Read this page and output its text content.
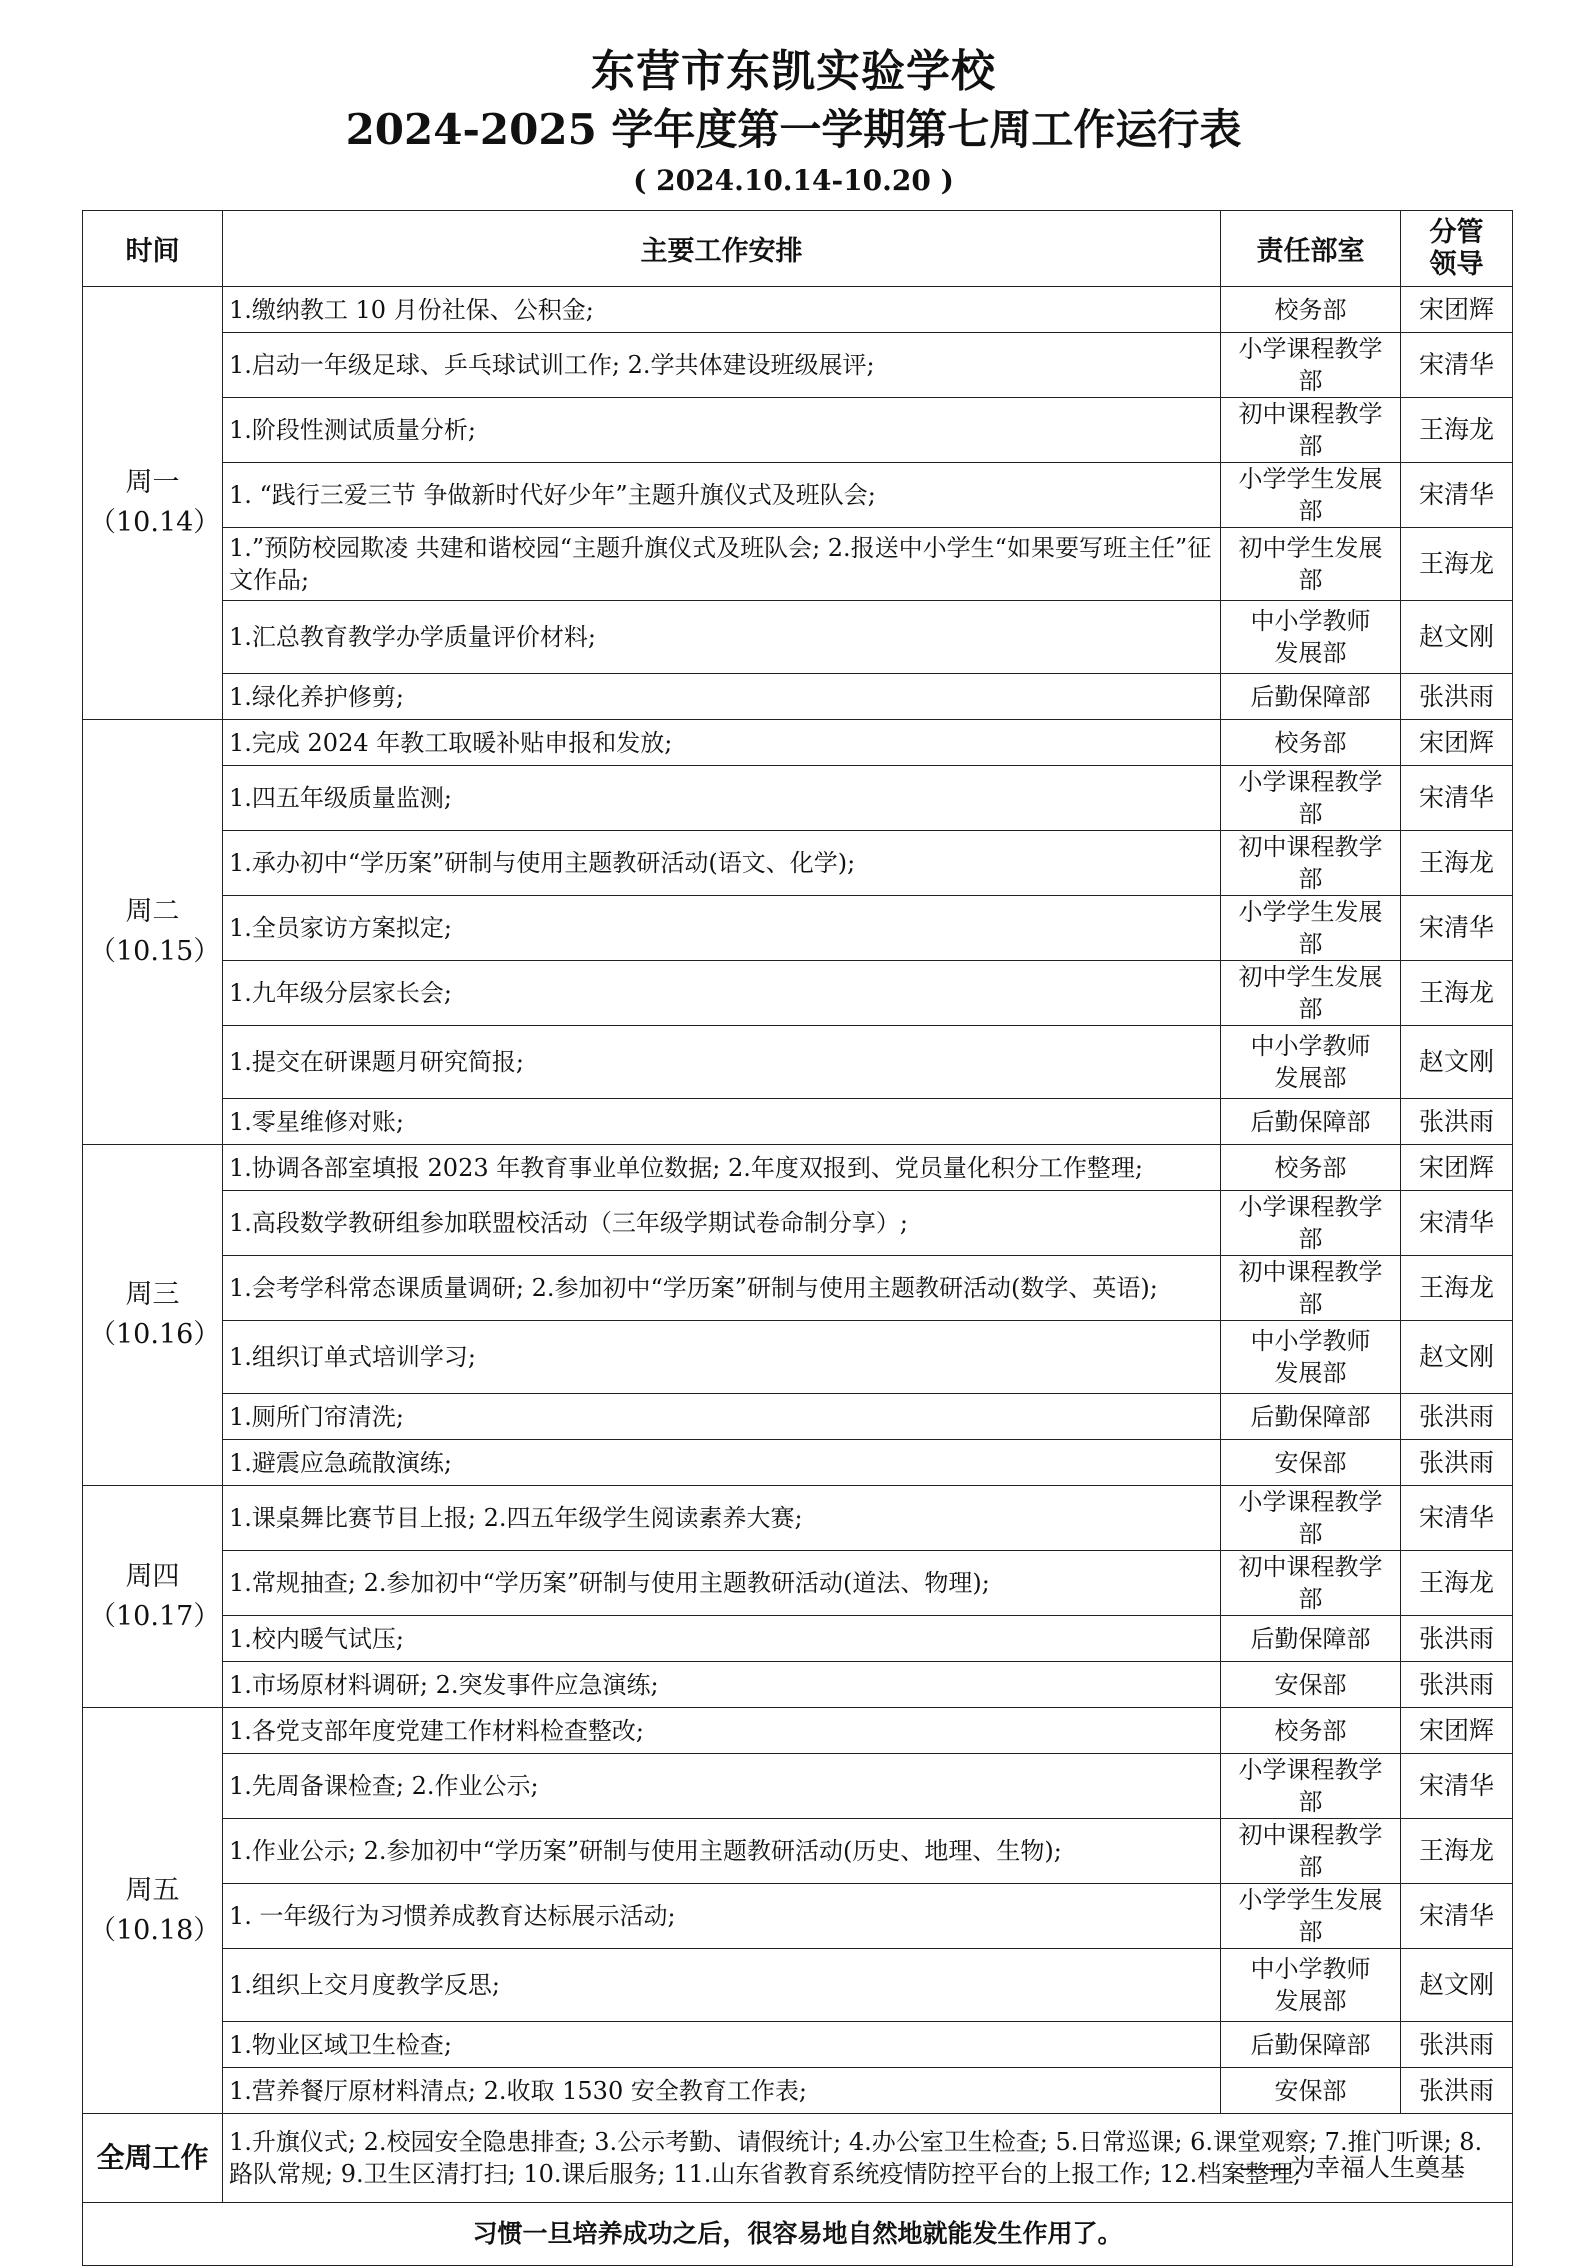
东营市东凯实验学校
2024-2025 学年度第一学期第七周工作运行表
( 2024.10.14-10.20 )
时间	主要工作安排	责任部室	分管
领导

周一
（10.14）	1.缴纳教工 10 月份社保、公积金;	校务部	宋团辉
	1.启动一年级足球、乒乓球试训工作; 2.学共体建设班级展评;	小学课程教学部	宋清华
	1.阶段性测试质量分析;	初中课程教学部	王海龙
	1. “践行三爱三节 争做新时代好少年”主题升旗仪式及班队会;	小学学生发展部	宋清华
	1.”预防校园欺凌 共建和谐校园“主题升旗仪式及班队会; 2.报送中小学生“如果要写班主任”征文作品;	初中学生发展部	王海龙
	1.汇总教育教学办学质量评价材料;	中小学教师
发展部	赵文刚
	1.绿化养护修剪;	后勤保障部	张洪雨

周二
（10.15）	1.完成 2024 年教工取暖补贴申报和发放;	校务部	宋团辉
	1.四五年级质量监测;	小学课程教学部	宋清华
	1.承办初中“学历案”研制与使用主题教研活动(语文、化学);	初中课程教学部	王海龙
	1.全员家访方案拟定;	小学学生发展部	宋清华
	1.九年级分层家长会;	初中学生发展部	王海龙
	1.提交在研课题月研究简报;	中小学教师
发展部	赵文刚
	1.零星维修对账;	后勤保障部	张洪雨

周三
（10.16）	1.协调各部室填报 2023 年教育事业单位数据; 2.年度双报到、党员量化积分工作整理;	校务部	宋团辉
	1.高段数学教研组参加联盟校活动（三年级学期试卷命制分享）;	小学课程教学部	宋清华
	1.会考学科常态课质量调研; 2.参加初中“学历案”研制与使用主题教研活动(数学、英语);	初中课程教学部	王海龙
	1.组织订单式培训学习;	中小学教师
发展部	赵文刚
	1.厕所门帘清洗;	后勤保障部	张洪雨
	1.避震应急疏散演练;	安保部	张洪雨

周四
（10.17）	1.课桌舞比赛节目上报; 2.四五年级学生阅读素养大赛;	小学课程教学部	宋清华
	1.常规抽查; 2.参加初中“学历案”研制与使用主题教研活动(道法、物理);	初中课程教学部	王海龙
	1.校内暖气试压;	后勤保障部	张洪雨
	1.市场原材料调研; 2.突发事件应急演练;	安保部	张洪雨

周五
（10.18）	1.各党支部年度党建工作材料检查整改;	校务部	宋团辉
	1.先周备课检查; 2.作业公示;	小学课程教学部	宋清华
	1.作业公示; 2.参加初中“学历案”研制与使用主题教研活动(历史、地理、生物);	初中课程教学部	王海龙
	1. 一年级行为习惯养成教育达标展示活动;	小学学生发展部	宋清华
	1.组织上交月度教学反思;	中小学教师
发展部	赵文刚
	1.物业区域卫生检查;	后勤保障部	张洪雨
	1.营养餐厅原材料清点; 2.收取 1530 安全教育工作表;	安保部	张洪雨
全周工作	1.升旗仪式; 2.校园安全隐患排查; 3.公示考勤、请假统计; 4.办公室卫生检查; 5.日常巡课; 6.课堂观察; 7.推门听课; 8.路队常规; 9.卫生区清打扫; 10.课后服务; 11.山东省教育系统疫情防控平台的上报工作; 12.档案整理;		
习惯一旦培养成功之后，很容易地自然地就能发生作用了。			
——为幸福人生奠基
